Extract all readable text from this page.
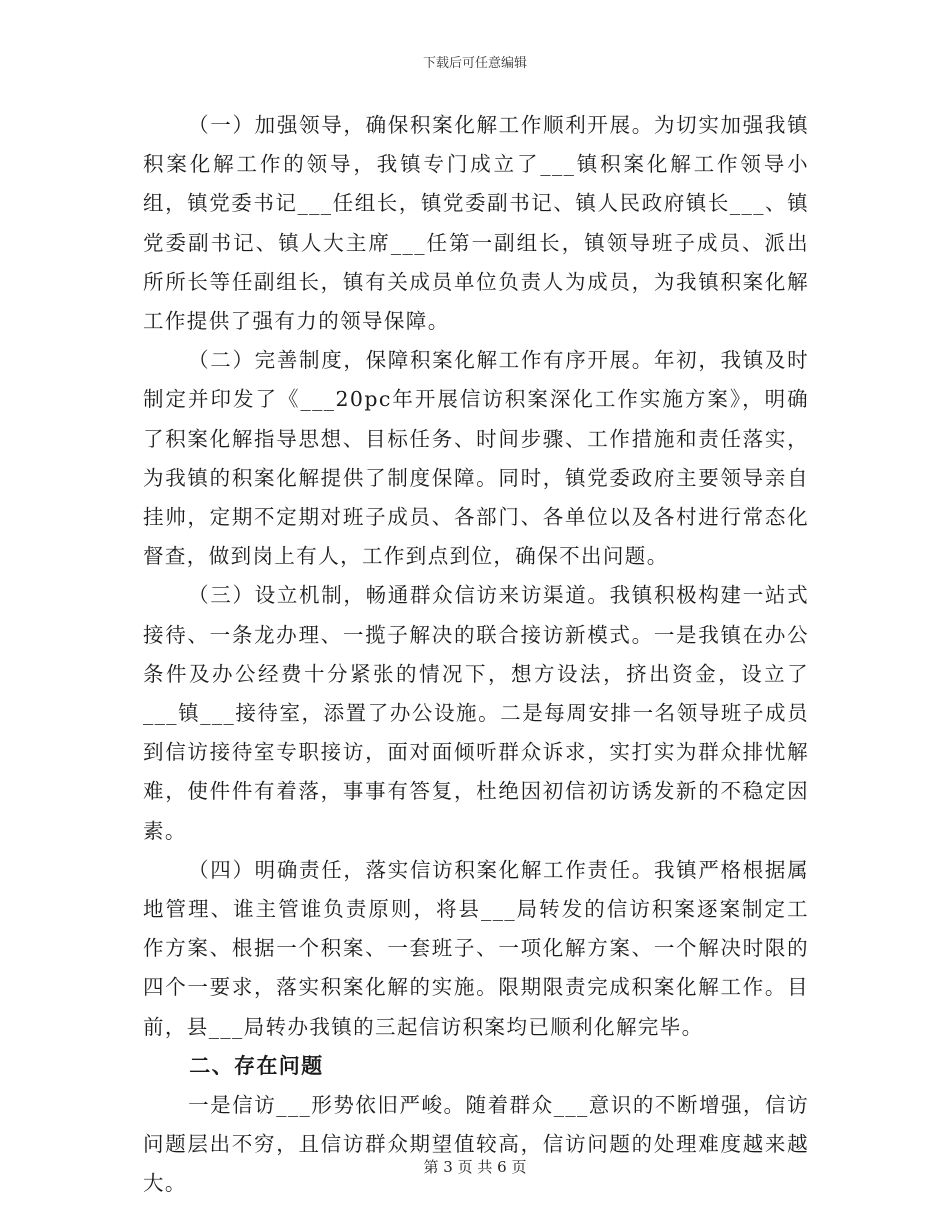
下载后可任意编辑

（一）加强领导，确保积案化解工作顺利开展。为切实加强我镇积案化解工作的领导，我镇专门成立了___镇积案化解工作领导小组，镇党委书记___任组长，镇党委副书记、镇人民政府镇长___、镇党委副书记、镇人大主席___任第一副组长，镇领导班子成员、派出所所长等任副组长，镇有关成员单位负责人为成员，为我镇积案化解工作提供了强有力的领导保障。

（二）完善制度，保障积案化解工作有序开展。年初，我镇及时制定并印发了《___20pc年开展信访积案深化工作实施方案》，明确了积案化解指导思想、目标任务、时间步骤、工作措施和责任落实，为我镇的积案化解提供了制度保障。同时，镇党委政府主要领导亲自挂帅，定期不定期对班子成员、各部门、各单位以及各村进行常态化督查，做到岗上有人，工作到点到位，确保不出问题。

（三）设立机制，畅通群众信访来访渠道。我镇积极构建一站式接待、一条龙办理、一揽子解决的联合接访新模式。一是我镇在办公条件及办公经费十分紧张的情况下，想方设法，挤出资金，设立了___镇___接待室，添置了办公设施。二是每周安排一名领导班子成员到信访接待室专职接访，面对面倾听群众诉求，实打实为群众排忧解难，使件件有着落，事事有答复，杜绝因初信初访诱发新的不稳定因素。

（四）明确责任，落实信访积案化解工作责任。我镇严格根据属地管理、谁主管谁负责原则，将县___局转发的信访积案逐案制定工作方案、根据一个积案、一套班子、一项化解方案、一个解决时限的四个一要求，落实积案化解的实施。限期限责完成积案化解工作。目前，县___局转办我镇的三起信访积案均已顺利化解完毕。

二、存在问题

一是信访___形势依旧严峻。随着群众___意识的不断增强，信访问题层出不穷，且信访群众期望值较高，信访问题的处理难度越来越大。

第 3 页 共 6 页
